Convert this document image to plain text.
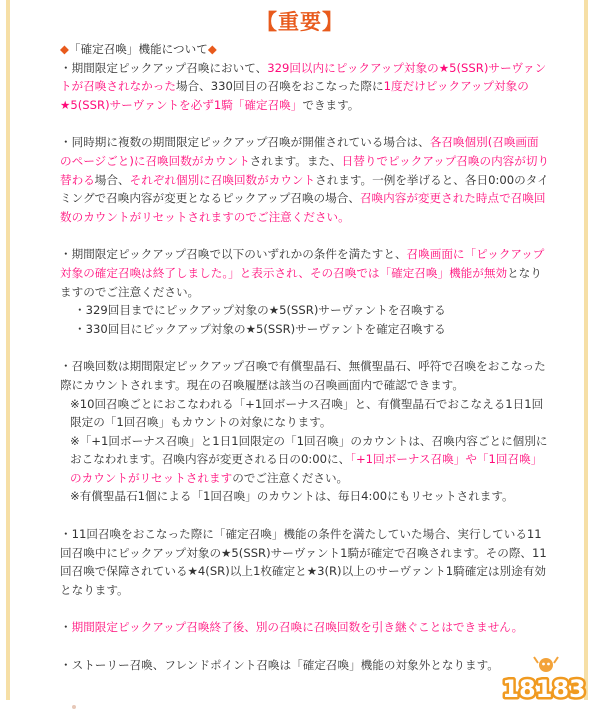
【重要】
◆「確定召喚」機能について◆

・期間限定ピックアップ召喚において、329回以内にピックアップ対象の★5(SSR)サーヴァントが召喚されなかった場合、330回目の召喚をおこなった際に1度だけピックアップ対象の★5(SSR)サーヴァントを必ず1騎「確定召喚」できます。

・同時期に複数の期間限定ピックアップ召喚が開催されている場合は、各召喚個別(召喚画面のページごと)に召喚回数がカウントされます。また、日替りでピックアップ召喚の内容が切り替わる場合、それぞれ個別に召喚回数がカウントされます。一例を挙げると、各日0:00のタイミングで召喚内容が変更となるピックアップ召喚の場合、召喚内容が変更された時点で召喚回数のカウントがリセットされますのでご注意ください。

・期間限定ピックアップ召喚で以下のいずれかの条件を満たすと、召喚画面に「ピックアップ対象の確定召喚は終了しました。」と表示され、その召喚では「確定召喚」機能が無効となりますのでご注意ください。

・329回目までにピックアップ対象の★5(SSR)サーヴァントを召喚する

・330回目にピックアップ対象の★5(SSR)サーヴァントを確定召喚する

・召喚回数は期間限定ピックアップ召喚で有償聖晶石、無償聖晶石、呼符で召喚をおこなった際にカウントされます。現在の召喚履歴は該当の召喚画面内で確認できます。

※10回召喚ごとにおこなわれる「+1回ボーナス召喚」と、有償聖晶石でおこなえる1日1回限定の「1回召喚」もカウントの対象になります。

※「+1回ボーナス召喚」と1日1回限定の「1回召喚」のカウントは、召喚内容ごとに個別におこなわれます。召喚内容が変更される日の0:00に、「+1回ボーナス召喚」や「1回召喚」のカウントがリセットされますのでご注意ください。

※有償聖晶石1個による「1回召喚」のカウントは、毎日4:00にもリセットされます。

・11回召喚をおこなった際に「確定召喚」機能の条件を満たしていた場合、実行している11回召喚中にピックアップ対象の★5(SSR)サーヴァント1騎が確定で召喚されます。その際、11回召喚で保障されている★4(SR)以上1枚確定と★3(R)以上のサーヴァント1騎確定は別途有効となります。

・期間限定ピックアップ召喚終了後、別の召喚に召喚回数を引き継ぐことはできません。

・ストーリー召喚、フレンドポイント召喚は「確定召喚」機能の対象外となります。

18183
